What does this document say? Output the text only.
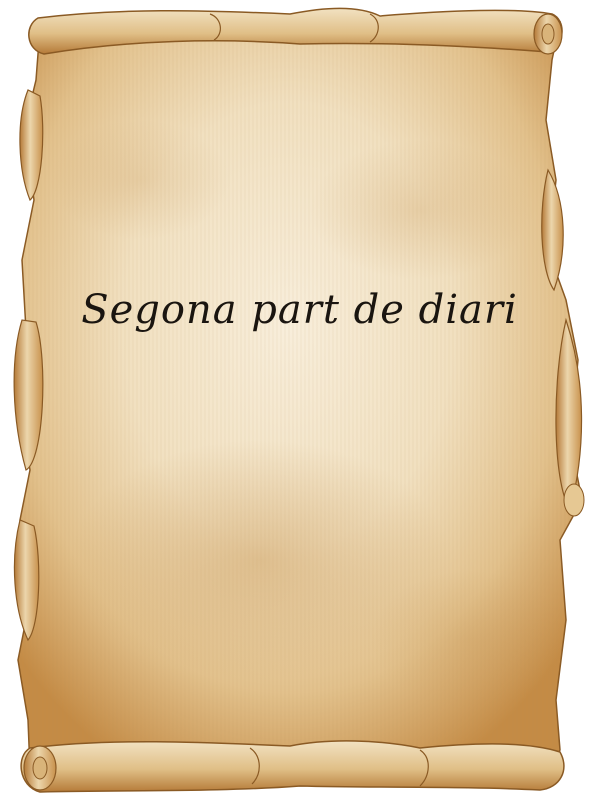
Segona part de diari
